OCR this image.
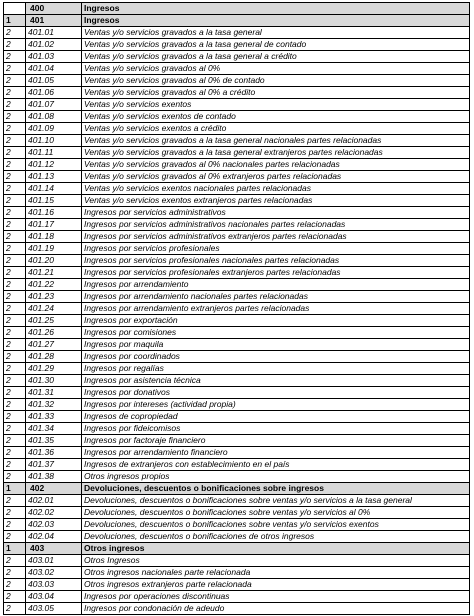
	400	Ingresos
1	401	Ingresos
2	401.01	Ventas y/o servicios gravados a la tasa general
2	401.02	Ventas y/o servicios gravados a la tasa general de contado
2	401.03	Ventas y/o servicios gravados a la tasa general a crédito
2	401.04	Ventas y/o servicios gravados al 0%
2	401.05	Ventas y/o servicios gravados al 0% de contado
2	401.06	Ventas y/o servicios gravados al 0% a crédito
2	401.07	Ventas y/o servicios exentos
2	401.08	Ventas y/o servicios exentos de contado
2	401.09	Ventas y/o servicios exentos a crédito
2	401.10	Ventas y/o servicios gravados a la tasa general nacionales partes relacionadas
2	401.11	Ventas y/o servicios gravados a la tasa general extranjeros partes relacionadas
2	401.12	Ventas y/o servicios gravados al 0% nacionales partes relacionadas
2	401.13	Ventas y/o servicios gravados al 0% extranjeros partes relacionadas
2	401.14	Ventas y/o servicios exentos nacionales partes relacionadas
2	401.15	Ventas y/o servicios exentos extranjeros partes relacionadas
2	401.16	Ingresos por servicios administrativos
2	401.17	Ingresos por servicios administrativos nacionales partes relacionadas
2	401.18	Ingresos por servicios administrativos extranjeros partes relacionadas
2	401.19	Ingresos por servicios profesionales
2	401.20	Ingresos por servicios profesionales nacionales partes relacionadas
2	401.21	Ingresos por servicios profesionales extranjeros partes relacionadas
2	401.22	Ingresos por arrendamiento
2	401.23	Ingresos por arrendamiento nacionales partes relacionadas
2	401.24	Ingresos por arrendamiento extranjeros partes relacionadas
2	401.25	Ingresos por exportación
2	401.26	Ingresos por comisiones
2	401.27	Ingresos por maquila
2	401.28	Ingresos por coordinados
2	401.29	Ingresos por regalías
2	401.30	Ingresos por asistencia técnica
2	401.31	Ingresos por donativos
2	401.32	Ingresos por intereses (actividad propia)
2	401.33	Ingresos de copropiedad
2	401.34	Ingresos por fideicomisos
2	401.35	Ingresos por factoraje financiero
2	401.36	Ingresos por arrendamiento financiero
2	401.37	Ingresos de extranjeros con establecimiento en el país
2	401.38	Otros ingresos propios
1	402	Devoluciones, descuentos o bonificaciones sobre ingresos
2	402.01	Devoluciones, descuentos o bonificaciones sobre ventas y/o servicios a la tasa general
2	402.02	Devoluciones, descuentos o bonificaciones sobre ventas y/o servicios al 0%
2	402.03	Devoluciones, descuentos o bonificaciones sobre ventas y/o servicios exentos
2	402.04	Devoluciones, descuentos o bonificaciones de otros ingresos
1	403	Otros ingresos
2	403.01	Otros Ingresos
2	403.02	Otros ingresos nacionales parte relacionada
2	403.03	Otros ingresos extranjeros parte relacionada
2	403.04	Ingresos por operaciones discontinuas
2	403.05	Ingresos por condonación de adeudo
